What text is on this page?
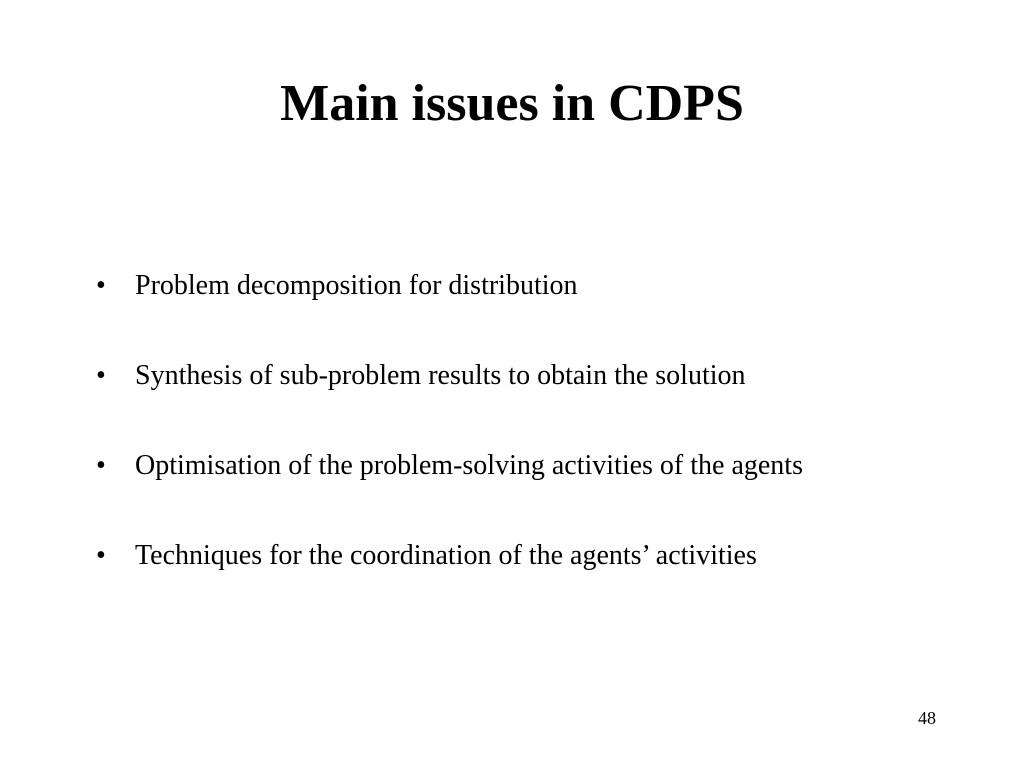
Main issues in CDPS
•	Problem decomposition for distribution
•	Synthesis of sub-problem results to obtain the solution
•	Optimisation of the problem-solving activities of the agents
•	Techniques for the coordination of the agents’ activities
48
